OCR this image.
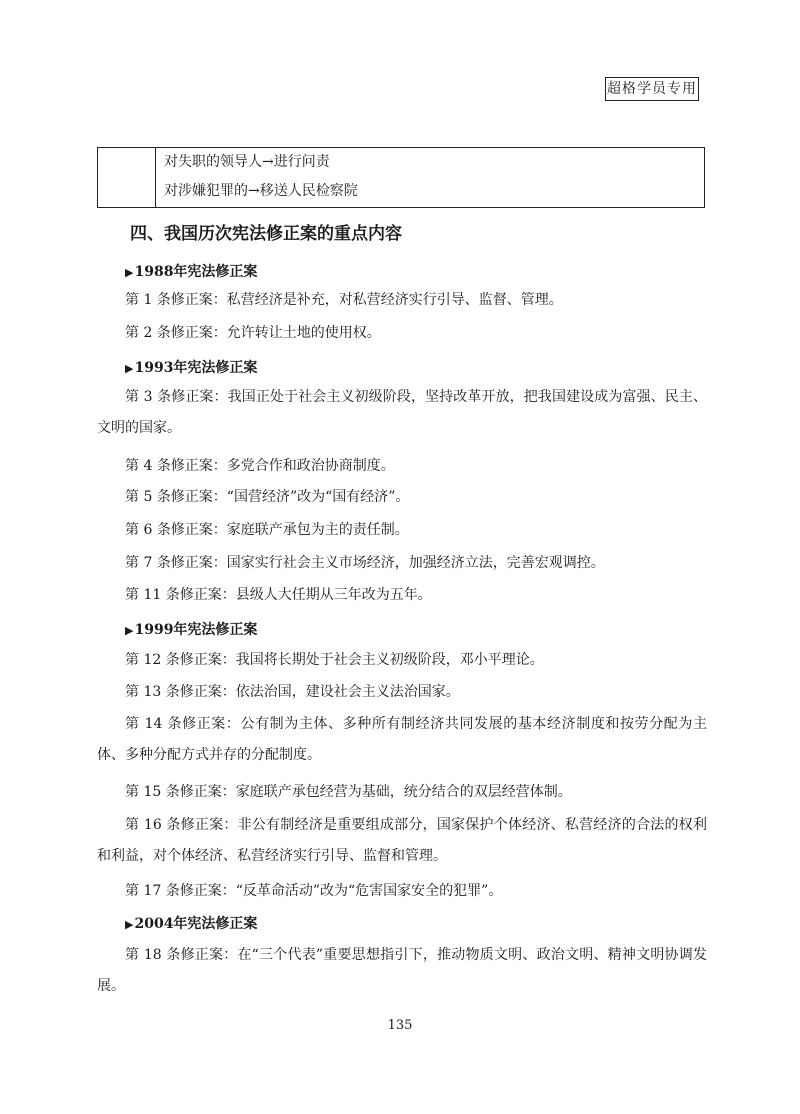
超格学员专用
对失职的领导人→进行问责
对涉嫌犯罪的→移送人民检察院
四、我国历次宪法修正案的重点内容
▶1988年宪法修正案
第 1 条修正案：私营经济是补充，对私营经济实行引导、监督、管理。
第 2 条修正案：允许转让土地的使用权。
▶1993年宪法修正案
第 3 条修正案：我国正处于社会主义初级阶段，坚持改革开放，把我国建设成为富强、民主、文明的国家。
第 4 条修正案：多党合作和政治协商制度。
第 5 条修正案：“国营经济”改为“国有经济”。
第 6 条修正案：家庭联产承包为主的责任制。
第 7 条修正案：国家实行社会主义市场经济，加强经济立法，完善宏观调控。
第 11 条修正案：县级人大任期从三年改为五年。
▶1999年宪法修正案
第 12 条修正案：我国将长期处于社会主义初级阶段，邓小平理论。
第 13 条修正案：依法治国，建设社会主义法治国家。
第 14 条修正案：公有制为主体、多种所有制经济共同发展的基本经济制度和按劳分配为主体、多种分配方式并存的分配制度。
第 15 条修正案：家庭联产承包经营为基础，统分结合的双层经营体制。
第 16 条修正案：非公有制经济是重要组成部分，国家保护个体经济、私营经济的合法的权利和利益，对个体经济、私营经济实行引导、监督和管理。
第 17 条修正案：“反革命活动”改为“危害国家安全的犯罪”。
▶2004年宪法修正案
第 18 条修正案：在“三个代表”重要思想指引下，推动物质文明、政治文明、精神文明协调发展。
135
